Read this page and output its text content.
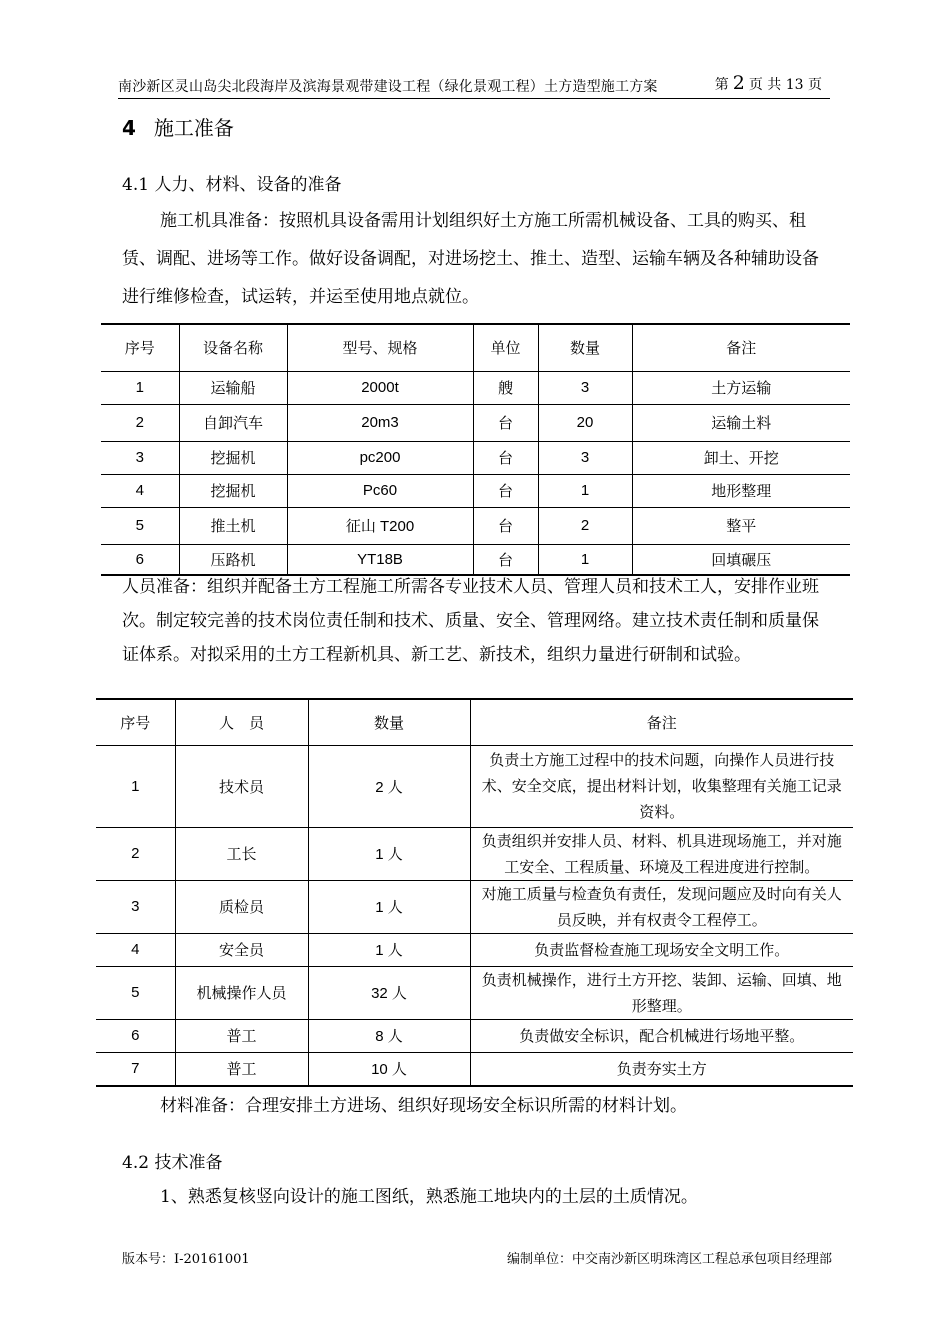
南沙新区灵山岛尖北段海岸及滨海景观带建设工程（绿化景观工程）土方造型施工方案	第 2 页 共 13 页
4 施工准备
4.1 人力、材料、设备的准备
施工机具准备：按照机具设备需用计划组织好土方施工所需机械设备、工具的购买、租赁、调配、进场等工作。做好设备调配，对进场挖土、推土、造型、运输车辆及各种辅助设备进行维修检查，试运转，并运至使用地点就位。
序号	设备名称	型号、规格	单位	数量	备注
1	运输船	2000t	艘	3	土方运输
2	自卸汽车	20m3	台	20	运输土料
3	挖掘机	pc200	台	3	卸土、开挖
4	挖掘机	Pc60	台	1	地形整理
5	推土机	征山 T200	台	2	整平
6	压路机	YT18B	台	1	回填碾压
人员准备：组织并配备土方工程施工所需各专业技术人员、管理人员和技术工人，安排作业班次。制定较完善的技术岗位责任制和技术、质量、安全、管理网络。建立技术责任制和质量保证体系。对拟采用的土方工程新机具、新工艺、新技术，组织力量进行研制和试验。
序号	人　员	数量	备注
1	技术员	2 人	负责土方施工过程中的技术问题，向操作人员进行技术、安全交底，提出材料计划，收集整理有关施工记录资料。
2	工长	1 人	负责组织并安排人员、材料、机具进现场施工，并对施工安全、工程质量、环境及工程进度进行控制。
3	质检员	1 人	对施工质量与检查负有责任，发现问题应及时向有关人员反映，并有权责令工程停工。
4	安全员	1 人	负责监督检查施工现场安全文明工作。
5	机械操作人员	32 人	负责机械操作，进行土方开挖、装卸、运输、回填、地形整理。
6	普工	8 人	负责做安全标识，配合机械进行场地平整。
7	普工	10 人	负责夯实土方
材料准备：合理安排土方进场、组织好现场安全标识所需的材料计划。
4.2 技术准备
1、熟悉复核竖向设计的施工图纸，熟悉施工地块内的土层的土质情况。
版本号：I-20161001	编制单位：中交南沙新区明珠湾区工程总承包项目经理部
